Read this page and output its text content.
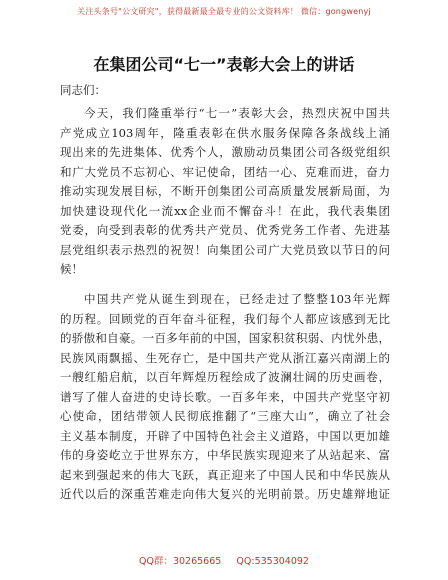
关注头条号"公文研究"，获得最新最全最专业的公文资料库！ 微信：gongwenyj
在集团公司“七一”表彰大会上的讲话
同志们：
今天，我们隆重举行“七一”表彰大会，热烈庆祝中国共
产党成立103周年，隆重表彰在供水服务保障各条战线上涌
现出来的先进集体、优秀个人，激励动员集团公司各级党组织
和广大党员不忘初心、牢记使命，团结一心、克难而进，奋力
推动实现发展目标，不断开创集团公司高质量发展新局面，为
加快建设现代化一流xx企业而不懈奋斗！在此，我代表集团
党委，向受到表彰的优秀共产党员、优秀党务工作者、先进基
层党组织表示热烈的祝贺！向集团公司广大党员致以节日的问
候！
中国共产党从诞生到现在，已经走过了整整103年光辉
的历程。回顾党的百年奋斗征程，我们每个人都应该感到无比
的骄傲和自豪。一百多年前的中国，国家积贫积弱、内忧外患，
民族风雨飘摇、生死存亡，是中国共产党从浙江嘉兴南湖上的
一艘红船启航，以百年辉煌历程绘成了波澜壮阔的历史画卷，
谱写了催人奋进的史诗长歌。一百多年来，中国共产党坚守初
心使命，团结带领人民彻底推翻了“三座大山”，确立了社会
主义基本制度，开辟了中国特色社会主义道路，中国以更加雄
伟的身姿屹立于世界东方，中华民族实现迎来了从站起来、富
起来到强起来的伟大飞跃，真正迎来了中国人民和中华民族从
近代以后的深重苦难走向伟大复兴的光明前景。历史雄辩地证
QQ群：30265665 QQ:535304092
